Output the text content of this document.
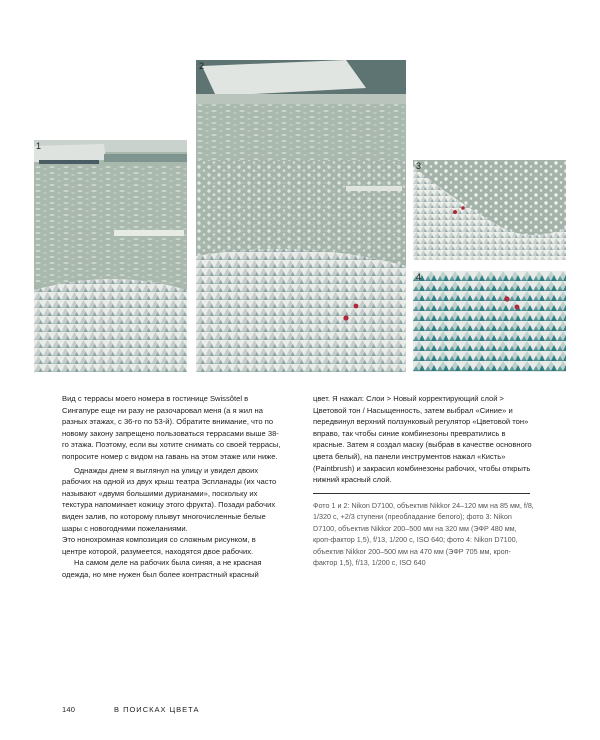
1
2
3
4

Вид с террасы моего номера в гостинице Swissôtel в Сингапуре еще ни разу не разочаровал меня (а я жил на разных этажах, с 36-го по 53-й). Обратите внимание, что по новому закону запрещено пользоваться террасами выше 38-го этажа. Поэтому, если вы хотите снимать со своей террасы, попросите номер с видом на гавань на этом этаже или ниже.

Однажды днем я выглянул на улицу и увидел двоих рабочих на одной из двух крыш театра Эспланады (их часто называют «двумя большими дурианами», поскольку их текстура напоминает кожицу этого фрукта). Позади рабочих виден залив, по которому плывут многочисленные белые шары с новогодними пожеланиями.

Это нонохромная композиция со сложным рисунком, в центре которой, разумеется, находятся двое рабочих.

На самом деле на рабочих была синяя, а не красная одежда, но мне нужен был более контрастный красный

цвет. Я нажал: Слои > Новый корректирующий слой > Цветовой тон / Насыщенность, затем выбрал «Синие» и передвинул верхний ползунковый регулятор «Цветовой тон» вправо, так чтобы синие комбинезоны превратились в красные. Затем я создал маску (выбрав в качестве основного цвета белый), на панели инструментов нажал «Кисть» (Paintbrush) и закрасил комбинезоны рабочих, чтобы открыть нижний красный слой.

Фото 1 и 2: Nikon D7100, объектив Nikkor 24–120 мм на 85 мм, f/8, 1/320 с, +2/3 ступени (преобладание белого); фото 3: Nikon D7100, объектив Nikkor 200–500 мм на 320 мм (ЭФР 480 мм, кроп-фактор 1,5), f/13, 1/200 с, ISO 640; фото 4: Nikon D7100, объектив Nikkor 200–500 мм на 470 мм (ЭФР 705 мм, кроп-фактор 1,5), f/13, 1/200 с, ISO 640
140	В ПОИСКАХ ЦВЕТА
